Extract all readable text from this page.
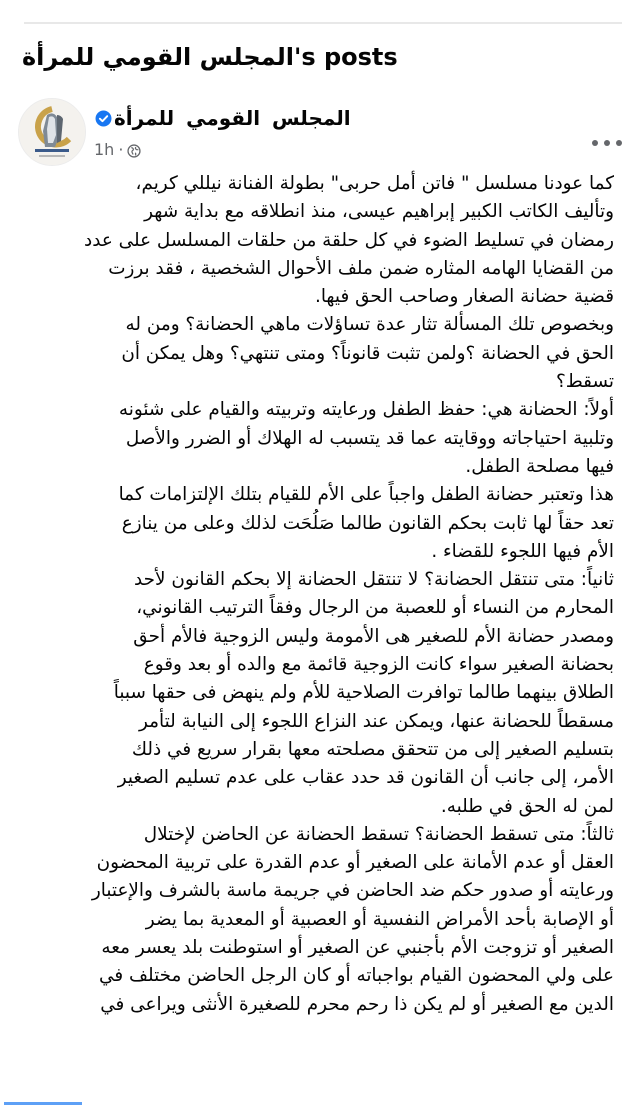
المجلس القومي للمرأة's posts
المجلس القومي للمرأة
1h ·

كما عودنا مسلسل " فاتن أمل حربى" بطولة الفنانة نيللي كريم،

وتأليف الكاتب الكبير إبراهيم عيسى، منذ انطلاقه مع بداية شهر

رمضان في تسليط الضوء في كل حلقة من حلقات المسلسل على عدد

من القضايا الهامه المثاره ضمن ملف الأحوال الشخصية ، فقد برزت

قضية حضانة الصغار وصاحب الحق فيها.

وبخصوص تلك المسألة تثار عدة تساؤلات ماهي الحضانة؟ ومن له

الحق في الحضانة ؟ولمن تثبت قانوناً؟ ومتى تنتهي؟ وهل يمكن أن

تسقط؟

أولاً: الحضانة هي: حفظ الطفل ورعايته وتربيته والقيام على شئونه

وتلبية احتياجاته ووقايته عما قد يتسبب له الهلاك أو الضرر والأصل

فيها مصلحة الطفل.

هذا وتعتبر حضانة الطفل واجباً على الأم للقيام بتلك الإلتزامات كما

تعد حقاً لها ثابت بحكم القانون طالما صَلُحَت لذلك وعلى من ينازع

الأم فيها اللجوء للقضاء .

ثانياً: متى تنتقل الحضانة؟ لا تنتقل الحضانة إلا بحكم القانون لأحد

المحارم من النساء أو للعصبة من الرجال وفقاً الترتيب القانوني،

ومصدر حضانة الأم للصغير هى الأمومة وليس الزوجية فالأم أحق

بحضانة الصغير سواء كانت الزوجية قائمة مع والده أو بعد وقوع

الطلاق بينهما طالما توافرت الصلاحية للأم ولم ينهض فى حقها سبباً

مسقطاً للحضانة عنها، ويمكن عند النزاع اللجوء إلى النيابة لتأمر

بتسليم الصغير إلى من تتحقق مصلحته معها بقرار سريع في ذلك

الأمر، إلى جانب أن القانون قد حدد عقاب على عدم تسليم الصغير

لمن له الحق في طلبه.

ثالثاً: متى تسقط الحضانة؟ تسقط الحضانة عن الحاضن لإختلال

العقل أو عدم الأمانة على الصغير أو عدم القدرة على تربية المحضون

ورعايته أو صدور حكم ضد الحاضن في جريمة ماسة بالشرف والإعتبار

أو الإصابة بأحد الأمراض النفسية أو العصبية أو المعدية بما يضر

الصغير أو تزوجت الأم بأجنبي عن الصغير أو استوطنت بلد يعسر معه

على ولي المحضون القيام بواجباته أو كان الرجل الحاضن مختلف في

الدين مع الصغير أو لم يكن ذا رحم محرم للصغيرة الأنثى ويراعى في
